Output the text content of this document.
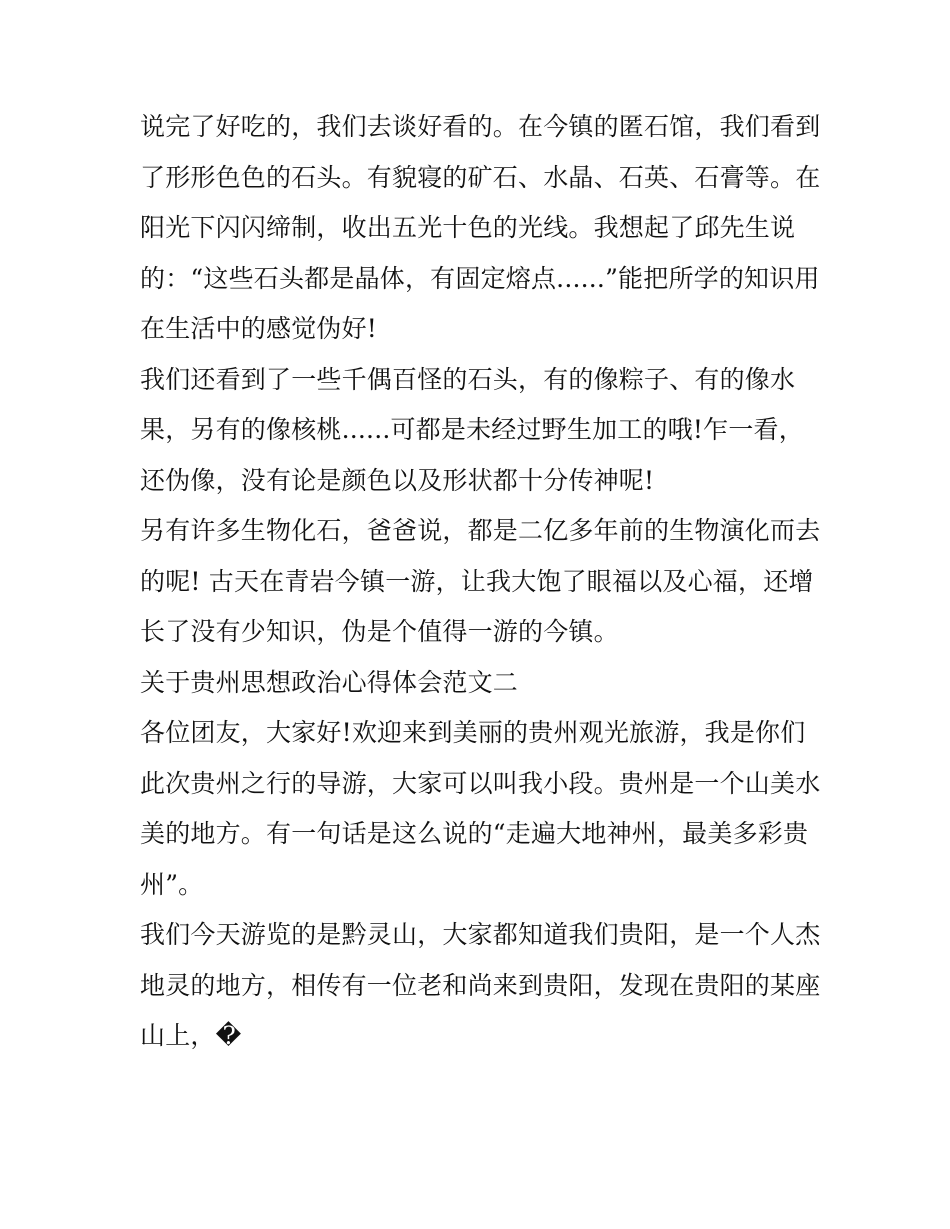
说完了好吃的，我们去谈好看的。在今镇的匿石馆，我们看到
了形形色色的石头。有貌寝的矿石、水晶、石英、石膏等。在
阳光下闪闪缔制，收出五光十色的光线。我想起了邱先生说
的：“这些石头都是晶体，有固定熔点......”能把所学的知识用
在生活中的感觉伪好!
我们还看到了一些千偶百怪的石头，有的像粽子、有的像水
果，另有的像核桃......可都是未经过野生加工的哦!乍一看，
还伪像，没有论是颜色以及形状都十分传神呢!
另有许多生物化石，爸爸说，都是二亿多年前的生物演化而去
的呢! 古天在青岩今镇一游，让我大饱了眼福以及心福，还增
长了没有少知识，伪是个值得一游的今镇。
关于贵州思想政治心得体会范文二
各位团友，大家好!欢迎来到美丽的贵州观光旅游，我是你们
此次贵州之行的导游，大家可以叫我小段。贵州是一个山美水
美的地方。有一句话是这么说的“走遍大地神州，最美多彩贵
州”。
我们今天游览的是黔灵山，大家都知道我们贵阳，是一个人杰
地灵的地方，相传有一位老和尚来到贵阳，发现在贵阳的某座
山上，�
